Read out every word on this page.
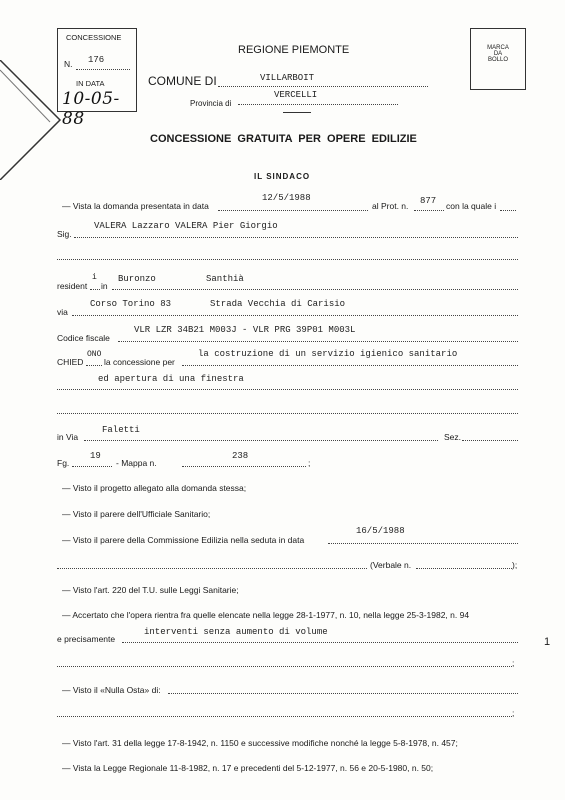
CONCESSIONE
N. 176
IN DATA
10-05-88
REGIONE PIEMONTE
COMUNE DI	VILLARBOIT
Provincia di
VERCELLI
MARCA
DA
BOLLO
CONCESSIONE  GRATUITA  PER  OPERE  EDILIZIE
IL SINDACO
— Vista la domanda presentata in data
12/5/1988
al Prot. n. 877 con la quale i
Sig.
VALERA Lazzaro VALERA Pier Giorgio
resident
i
in
Buronzo	Santhià
via
Corso Torino 83	Strada Vecchia di Carisio
Codice fiscale
VLR LZR 34B21 M003J - VLR PRG 39P01 M003L
CHIED
ONO
la concessione per
la costruzione di un servizio igienico sanitario
ed apertura di una finestra
in Via
Faletti
Sez.
Fg.
19
- Mappa n.
238
;
— Visto il progetto allegato alla domanda stessa;
— Visto il parere dell'Ufficiale Sanitario;
— Visto il parere della Commissione Edilizia nella seduta in data
16/5/1988
(Verbale n.	);
— Visto l'art. 220 del T.U. sulle Leggi Sanitarie;
— Accertato che l'opera rientra fra quelle elencate nella legge 28-1-1977, n. 10, nella legge 25-3-1982, n. 94
e precisamente
interventi senza aumento di volume
;
— Visto il «Nulla Osta» di:
;
— Visto l'art. 31 della legge 17-8-1942, n. 1150 e successive modifiche nonché la legge 5-8-1978, n. 457;
— Vista la Legge Regionale 11-8-1982, n. 17 e precedenti del 5-12-1977, n. 56 e 20-5-1980, n. 50;
1
